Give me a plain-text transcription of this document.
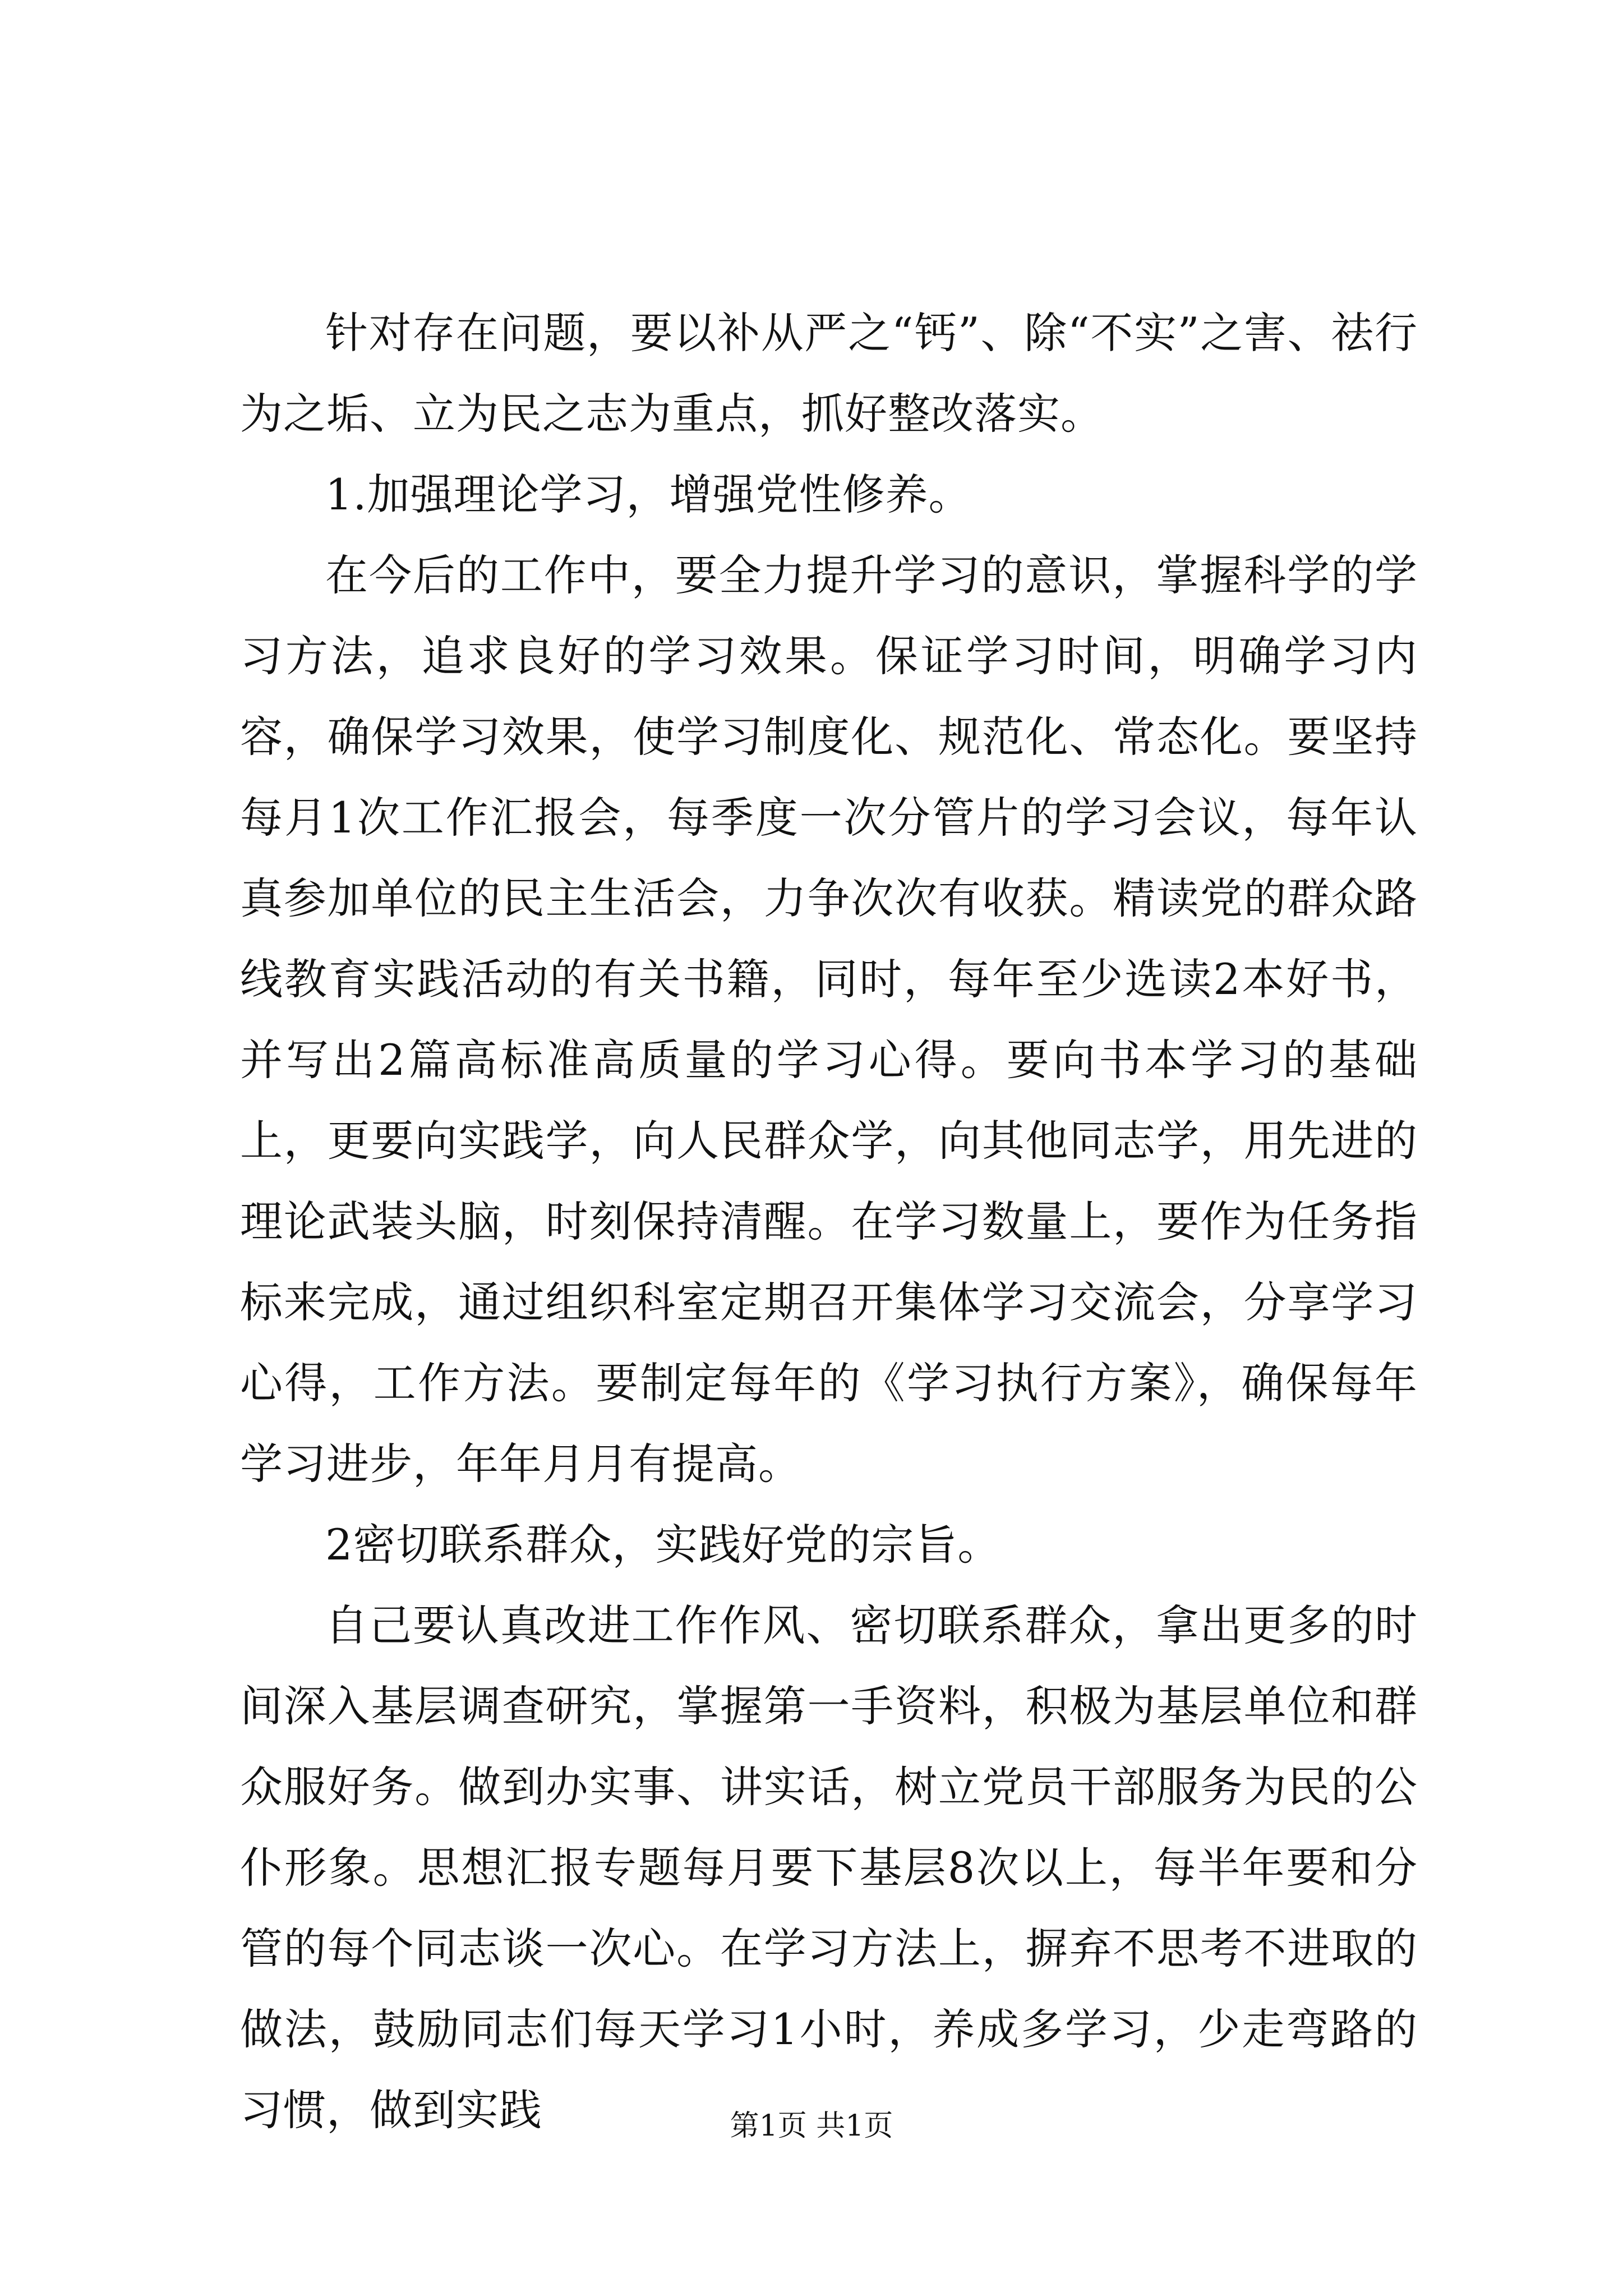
针对存在问题，要以补从严之“钙”、除“不实”之害、祛行为之垢、立为民之志为重点，抓好整改落实。

1.加强理论学习，增强党性修养。

在今后的工作中，要全力提升学习的意识，掌握科学的学习方法，追求良好的学习效果。保证学习时间，明确学习内容，确保学习效果，使学习制度化、规范化、常态化。要坚持每月1次工作汇报会，每季度一次分管片的学习会议，每年认真参加单位的民主生活会，力争次次有收获。精读党的群众路线教育实践活动的有关书籍，同时，每年至少选读2本好书，并写出2篇高标准高质量的学习心得。要向书本学习的基础上，更要向实践学，向人民群众学，向其他同志学，用先进的理论武装头脑，时刻保持清醒。在学习数量上，要作为任务指标来完成，通过组织科室定期召开集体学习交流会，分享学习心得，工作方法。要制定每年的《学习执行方案》，确保每年学习进步，年年月月有提高。

2密切联系群众，实践好党的宗旨。

自己要认真改进工作作风、密切联系群众，拿出更多的时间深入基层调查研究，掌握第一手资料，积极为基层单位和群众服好务。做到办实事、讲实话，树立党员干部服务为民的公仆形象。思想汇报专题每月要下基层8次以上，每半年要和分管的每个同志谈一次心。在学习方法上，摒弃不思考不进取的做法，鼓励同志们每天学习1小时，养成多学习，少走弯路的习惯，做到实践	第1页 共1页
